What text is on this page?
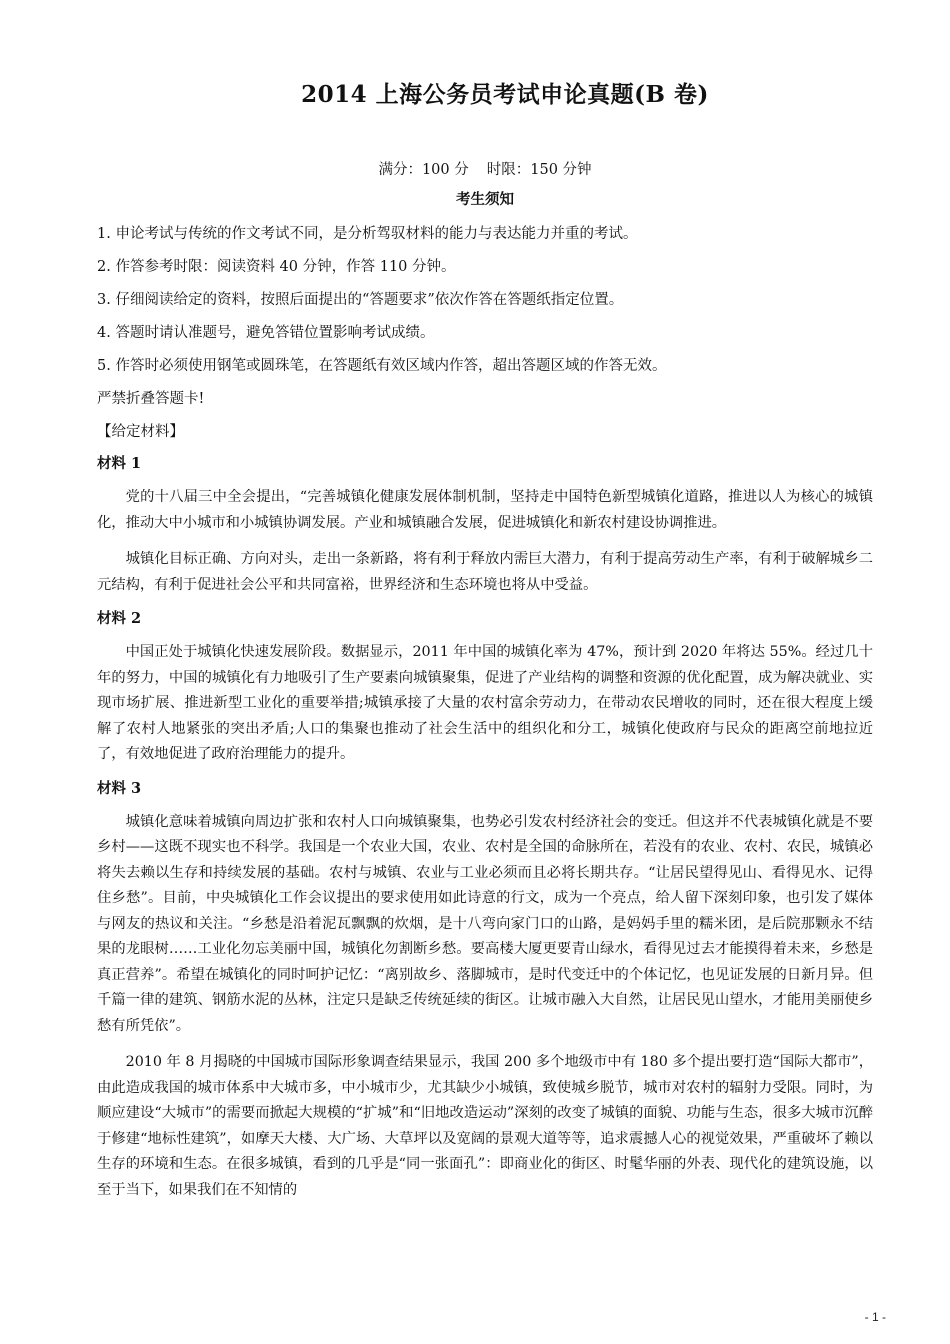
2014 上海公务员考试申论真题(B 卷)
满分：100 分 时限：150 分钟
考生须知
1. 申论考试与传统的作文考试不同，是分析驾驭材料的能力与表达能力并重的考试。
2. 作答参考时限：阅读资料 40 分钟，作答 110 分钟。
3. 仔细阅读给定的资料，按照后面提出的“答题要求”依次作答在答题纸指定位置。
4. 答题时请认准题号，避免答错位置影响考试成绩。
5. 作答时必须使用钢笔或圆珠笔，在答题纸有效区域内作答，超出答题区域的作答无效。
严禁折叠答题卡!
【给定材料】
材料 1

党的十八届三中全会提出，“完善城镇化健康发展体制机制，坚持走中国特色新型城镇化道路，推进以人为核心的城镇化，推动大中小城市和小城镇协调发展。产业和城镇融合发展，促进城镇化和新农村建设协调推进。

城镇化目标正确、方向对头，走出一条新路，将有利于释放内需巨大潜力，有利于提高劳动生产率，有利于破解城乡二元结构，有利于促进社会公平和共同富裕，世界经济和生态环境也将从中受益。

材料 2

中国正处于城镇化快速发展阶段。数据显示，2011 年中国的城镇化率为 47%，预计到 2020 年将达 55%。经过几十年的努力，中国的城镇化有力地吸引了生产要素向城镇聚集，促进了产业结构的调整和资源的优化配置，成为解决就业、实现市场扩展、推进新型工业化的重要举措;城镇承接了大量的农村富余劳动力，在带动农民增收的同时，还在很大程度上缓解了农村人地紧张的突出矛盾;人口的集聚也推动了社会生活中的组织化和分工，城镇化使政府与民众的距离空前地拉近了，有效地促进了政府治理能力的提升。

材料 3

城镇化意味着城镇向周边扩张和农村人口向城镇聚集，也势必引发农村经济社会的变迁。但这并不代表城镇化就是不要乡村——这既不现实也不科学。我国是一个农业大国，农业、农村是全国的命脉所在，若没有的农业、农村、农民，城镇必将失去赖以生存和持续发展的基础。农村与城镇、农业与工业必须而且必将长期共存。“让居民望得见山、看得见水、记得住乡愁”。目前，中央城镇化工作会议提出的要求使用如此诗意的行文，成为一个亮点，给人留下深刻印象，也引发了媒体与网友的热议和关注。“乡愁是沿着泥瓦飘飘的炊烟，是十八弯向家门口的山路，是妈妈手里的糯米团，是后院那颗永不结果的龙眼树……工业化勿忘美丽中国，城镇化勿割断乡愁。要高楼大厦更要青山绿水，看得见过去才能摸得着未来，乡愁是真正营养”。希望在城镇化的同时呵护记忆：“离别故乡、落脚城市，是时代变迁中的个体记忆，也见证发展的日新月异。但千篇一律的建筑、钢筋水泥的丛林，注定只是缺乏传统延续的街区。让城市融入大自然，让居民见山望水，才能用美丽使乡愁有所凭依”。

2010 年 8 月揭晓的中国城市国际形象调查结果显示，我国 200 多个地级市中有 180 多个提出要打造“国际大都市”，由此造成我国的城市体系中大城市多，中小城市少，尤其缺少小城镇，致使城乡脱节，城市对农村的辐射力受限。同时，为顺应建设“大城市”的需要而掀起大规模的“扩城”和“旧地改造运动”深刻的改变了城镇的面貌、功能与生态，很多大城市沉醉于修建“地标性建筑”，如摩天大楼、大广场、大草坪以及宽阔的景观大道等等，追求震撼人心的视觉效果，严重破坏了赖以生存的环境和生态。在很多城镇，看到的几乎是“同一张面孔”：即商业化的街区、时髦华丽的外表、现代化的建筑设施，以至于当下，如果我们在不知情的

- 1 -
